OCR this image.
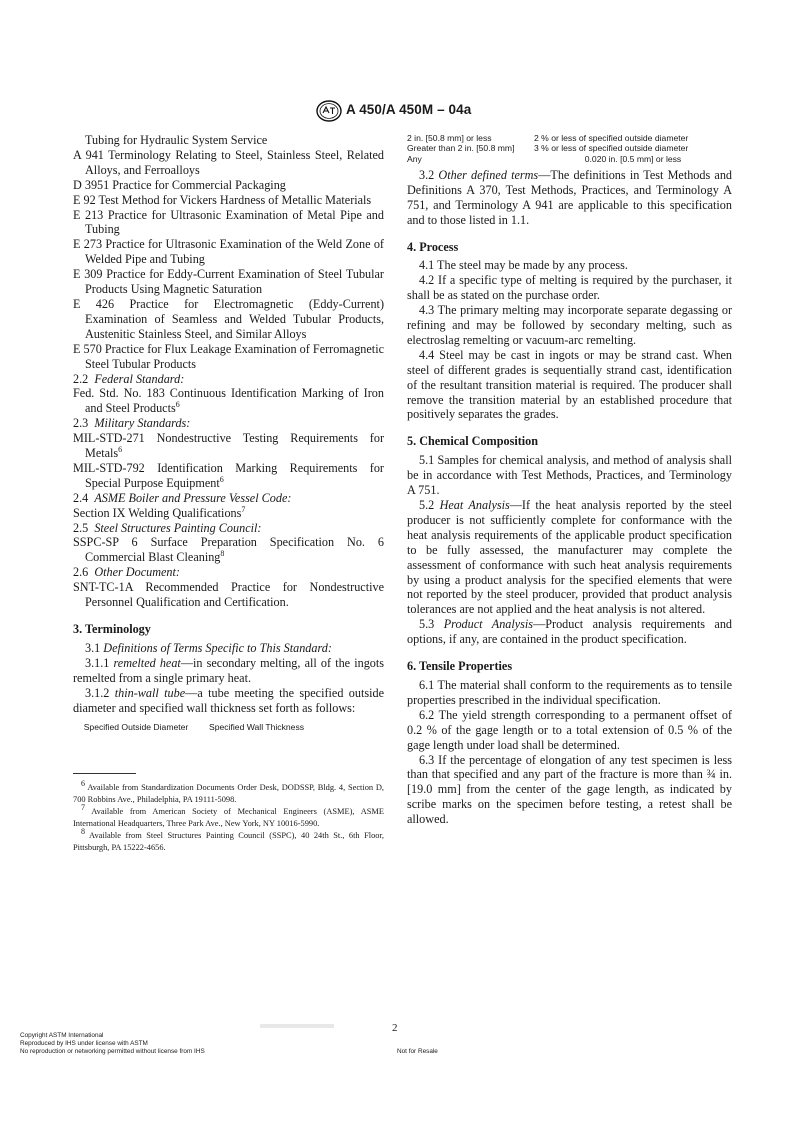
A 450/A 450M – 04a

Tubing for Hydraulic System Service

A 941 Terminology Relating to Steel, Stainless Steel, Related Alloys, and Ferroalloys

D 3951 Practice for Commercial Packaging

E 92 Test Method for Vickers Hardness of Metallic Materials

E 213 Practice for Ultrasonic Examination of Metal Pipe and Tubing

E 273 Practice for Ultrasonic Examination of the Weld Zone of Welded Pipe and Tubing

E 309 Practice for Eddy-Current Examination of Steel Tubular Products Using Magnetic Saturation

E 426 Practice for Electromagnetic (Eddy-Current) Examination of Seamless and Welded Tubular Products, Austenitic Stainless Steel, and Similar Alloys

E 570 Practice for Flux Leakage Examination of Ferromagnetic Steel Tubular Products

2.2 Federal Standard:

Fed. Std. No. 183 Continuous Identification Marking of Iron and Steel Products$^6$

2.3 Military Standards:

MIL-STD-271 Nondestructive Testing Requirements for Metals$^6$

MIL-STD-792 Identification Marking Requirements for Special Purpose Equipment$^6$

2.4 ASME Boiler and Pressure Vessel Code:

Section IX Welding Qualifications$^7$

2.5 Steel Structures Painting Council:

SSPC-SP 6 Surface Preparation Specification No. 6 Commercial Blast Cleaning$^8$

2.6 Other Document:

SNT-TC-1A Recommended Practice for Nondestructive Personnel Qualification and Certification.

3. Terminology

3.1 Definitions of Terms Specific to This Standard:

3.1.1 remelted heat—in secondary melting, all of the ingots remelted from a single primary heat.

3.1.2 thin-wall tube—a tube meeting the specified outside diameter and specified wall thickness set forth as follows:

Specified Outside Diameter	Specified Wall Thickness

$^6$ Available from Standardization Documents Order Desk, DODSSP, Bldg. 4, Section D, 700 Robbins Ave., Philadelphia, PA 19111-5098.

$^7$ Available from American Society of Mechanical Engineers (ASME), ASME International Headquarters, Three Park Ave., New York, NY 10016-5990.

$^8$ Available from Steel Structures Painting Council (SSPC), 40 24th St., 6th Floor, Pittsburgh, PA 15222-4656.

2 in. [50.8 mm] or less	2 % or less of specified outside diameter
Greater than 2 in. [50.8 mm]	3 % or less of specified outside diameter
Any	0.020 in. [0.5 mm] or less

3.2 Other defined terms—The definitions in Test Methods and Definitions A 370, Test Methods, Practices, and Terminology A 751, and Terminology A 941 are applicable to this specification and to those listed in 1.1.

4. Process

4.1 The steel may be made by any process.

4.2 If a specific type of melting is required by the purchaser, it shall be as stated on the purchase order.

4.3 The primary melting may incorporate separate degassing or refining and may be followed by secondary melting, such as electroslag remelting or vacuum-arc remelting.

4.4 Steel may be cast in ingots or may be strand cast. When steel of different grades is sequentially strand cast, identification of the resultant transition material is required. The producer shall remove the transition material by an established procedure that positively separates the grades.

5. Chemical Composition

5.1 Samples for chemical analysis, and method of analysis shall be in accordance with Test Methods, Practices, and Terminology A 751.

5.2 Heat Analysis—If the heat analysis reported by the steel producer is not sufficiently complete for conformance with the heat analysis requirements of the applicable product specification to be fully assessed, the manufacturer may complete the assessment of conformance with such heat analysis requirements by using a product analysis for the specified elements that were not reported by the steel producer, provided that product analysis tolerances are not applied and the heat analysis is not altered.

5.3 Product Analysis—Product analysis requirements and options, if any, are contained in the product specification.

6. Tensile Properties

6.1 The material shall conform to the requirements as to tensile properties prescribed in the individual specification.

6.2 The yield strength corresponding to a permanent offset of 0.2 % of the gage length or to a total extension of 0.5 % of the gage length under load shall be determined.

6.3 If the percentage of elongation of any test specimen is less than that specified and any part of the fracture is more than ¾ in. [19.0 mm] from the center of the gage length, as indicated by scribe marks on the specimen before testing, a retest shall be allowed.

2
Copyright ASTM International
Reproduced by IHS under license with ASTM
No reproduction or networking permitted without license from IHS	Not for Resale
